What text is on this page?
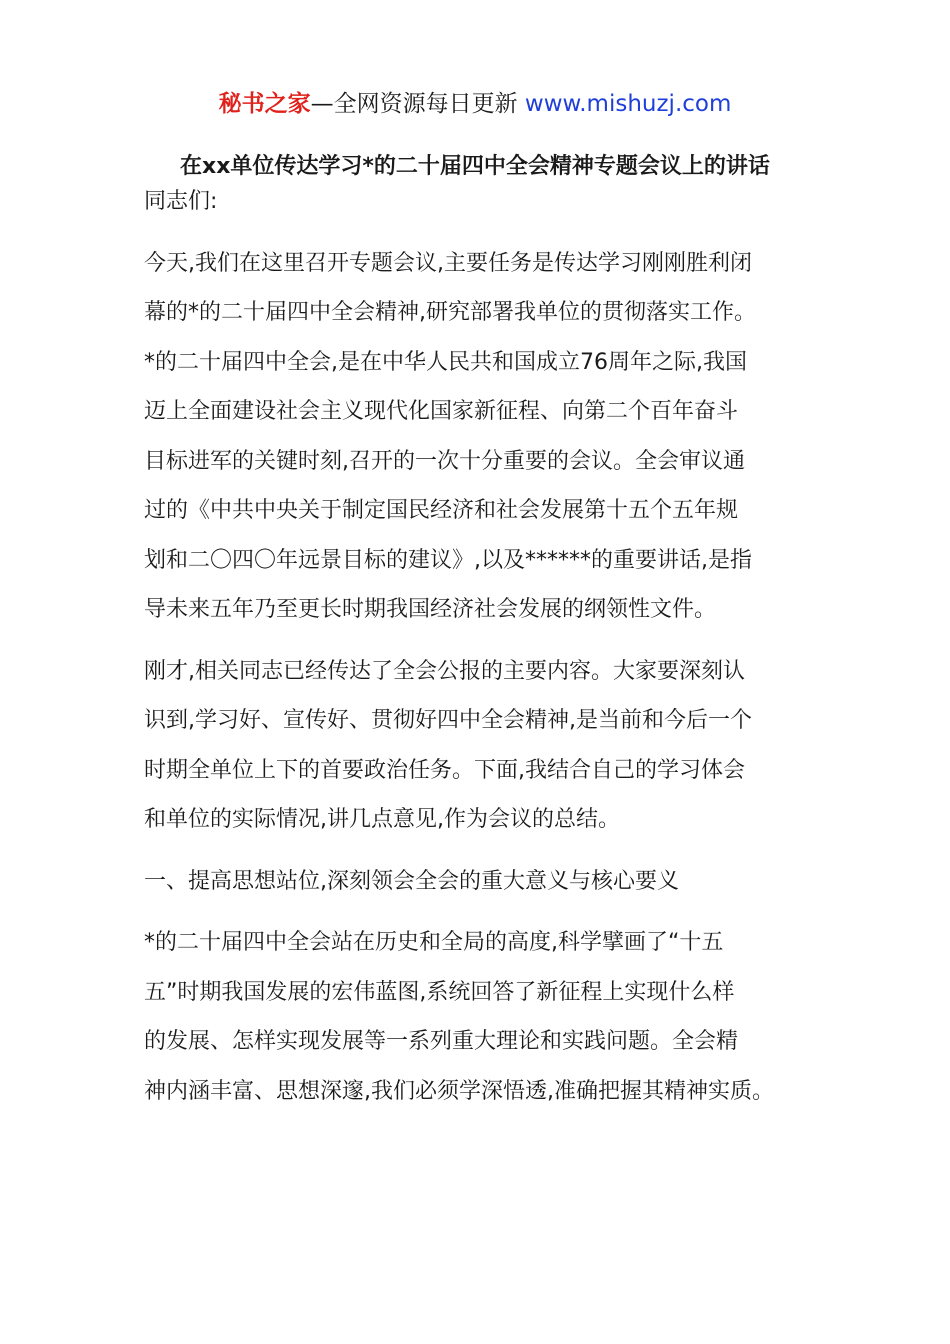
秘书之家—全网资源每日更新 www.mishuzj.com
在xx单位传达学习*的二十届四中全会精神专题会议上的讲话
同志们:
今天,我们在这里召开专题会议,主要任务是传达学习刚刚胜利闭
幕的*的二十届四中全会精神,研究部署我单位的贯彻落实工作。
*的二十届四中全会,是在中华人民共和国成立76周年之际,我国
迈上全面建设社会主义现代化国家新征程、向第二个百年奋斗
目标进军的关键时刻,召开的一次十分重要的会议。全会审议通
过的《中共中央关于制定国民经济和社会发展第十五个五年规
划和二〇四〇年远景目标的建议》,以及******的重要讲话,是指
导未来五年乃至更长时期我国经济社会发展的纲领性文件。
刚才,相关同志已经传达了全会公报的主要内容。大家要深刻认
识到,学习好、宣传好、贯彻好四中全会精神,是当前和今后一个
时期全单位上下的首要政治任务。下面,我结合自己的学习体会
和单位的实际情况,讲几点意见,作为会议的总结。
一、提高思想站位,深刻领会全会的重大意义与核心要义
*的二十届四中全会站在历史和全局的高度,科学擘画了“十五
五”时期我国发展的宏伟蓝图,系统回答了新征程上实现什么样
的发展、怎样实现发展等一系列重大理论和实践问题。全会精
神内涵丰富、思想深邃,我们必须学深悟透,准确把握其精神实质。
